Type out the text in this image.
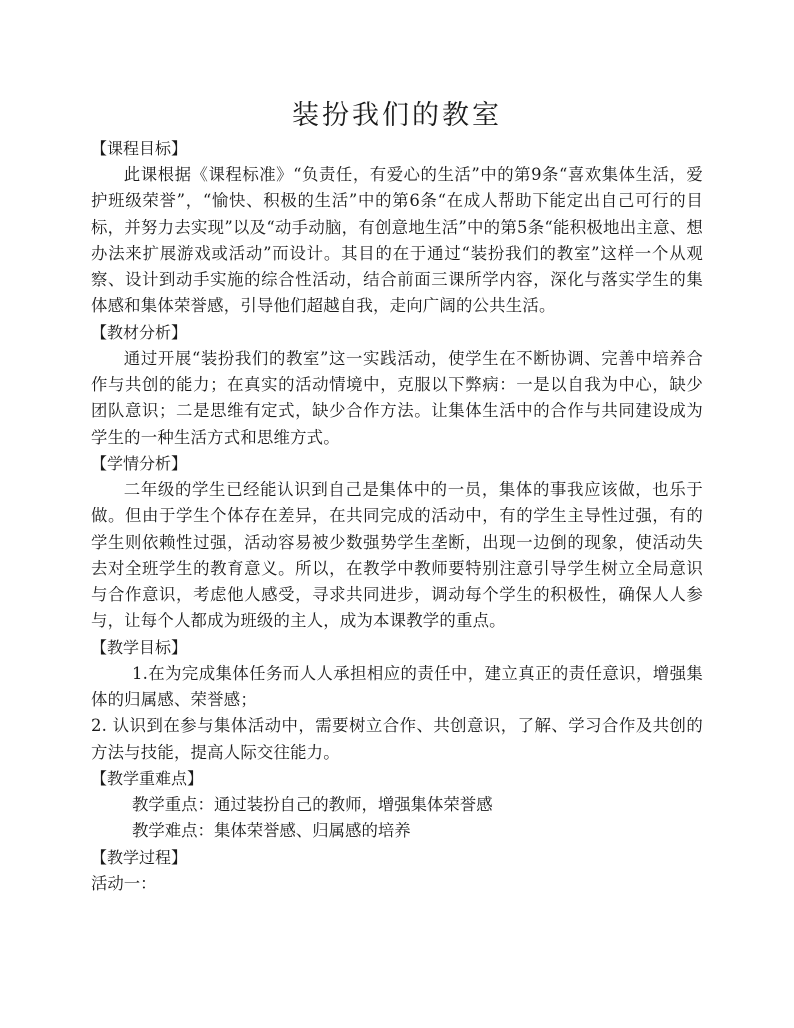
装扮我们的教室
【课程目标】

此课根据《课程标准》“负责任，有爱心的生活”中的第9条“喜欢集体生活，爱护班级荣誉”，“愉快、积极的生活”中的第6条“在成人帮助下能定出自己可行的目标，并努力去实现”以及“动手动脑，有创意地生活”中的第5条“能积极地出主意、想办法来扩展游戏或活动”而设计。其目的在于通过“装扮我们的教室”这样一个从观察、设计到动手实施的综合性活动，结合前面三课所学内容，深化与落实学生的集体感和集体荣誉感，引导他们超越自我，走向广阔的公共生活。

【教材分析】

通过开展“装扮我们的教室”这一实践活动，使学生在不断协调、完善中培养合作与共创的能力；在真实的活动情境中，克服以下弊病：一是以自我为中心，缺少团队意识；二是思维有定式，缺少合作方法。让集体生活中的合作与共同建设成为学生的一种生活方式和思维方式。

【学情分析】

二年级的学生已经能认识到自己是集体中的一员，集体的事我应该做，也乐于做。但由于学生个体存在差异，在共同完成的活动中，有的学生主导性过强，有的学生则依赖性过强，活动容易被少数强势学生垄断，出现一边倒的现象，使活动失去对全班学生的教育意义。所以，在教学中教师要特别注意引导学生树立全局意识与合作意识，考虑他人感受，寻求共同进步，调动每个学生的积极性，确保人人参与，让每个人都成为班级的主人，成为本课教学的重点。

【教学目标】

1.在为完成集体任务而人人承担相应的责任中，建立真正的责任意识，增强集体的归属感、荣誉感；

2. 认识到在参与集体活动中，需要树立合作、共创意识，了解、学习合作及共创的方法与技能，提高人际交往能力。

【教学重难点】

教学重点：通过装扮自己的教师，增强集体荣誉感

教学难点：集体荣誉感、归属感的培养

【教学过程】

活动一：
